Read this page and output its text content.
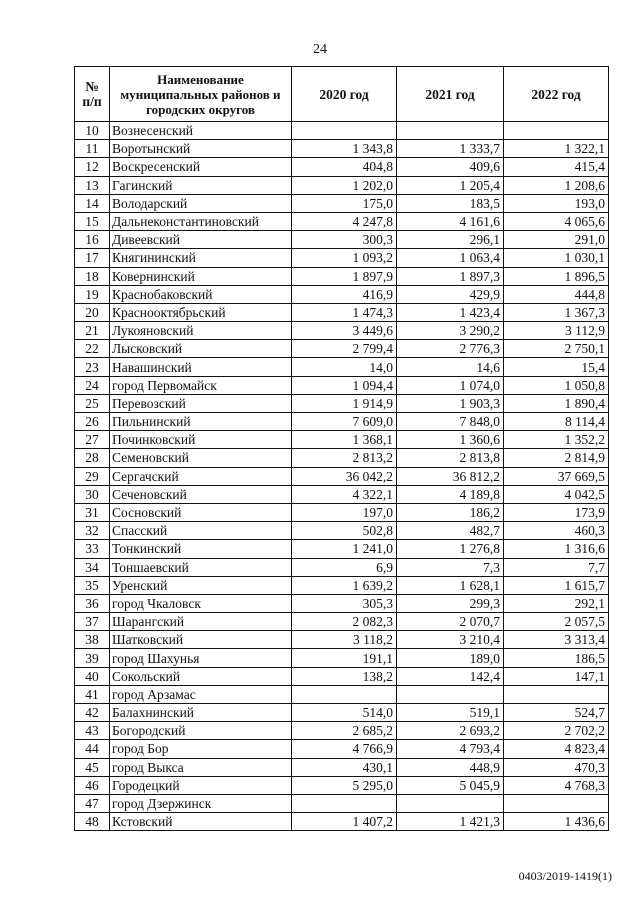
24
№ п/п	Наименование муниципальных районов и городских округов	2020 год	2021 год	2022 год
10	Вознесенский			
11	Воротынский	1 343,8	1 333,7	1 322,1
12	Воскресенский	404,8	409,6	415,4
13	Гагинский	1 202,0	1 205,4	1 208,6
14	Володарский	175,0	183,5	193,0
15	Дальнеконстантиновский	4 247,8	4 161,6	4 065,6
16	Дивеевский	300,3	296,1	291,0
17	Княгининский	1 093,2	1 063,4	1 030,1
18	Ковернинский	1 897,9	1 897,3	1 896,5
19	Краснобаковский	416,9	429,9	444,8
20	Краснооктябрьский	1 474,3	1 423,4	1 367,3
21	Лукояновский	3 449,6	3 290,2	3 112,9
22	Лысковский	2 799,4	2 776,3	2 750,1
23	Навашинский	14,0	14,6	15,4
24	город Первомайск	1 094,4	1 074,0	1 050,8
25	Перевозский	1 914,9	1 903,3	1 890,4
26	Пильнинский	7 609,0	7 848,0	8 114,4
27	Починковский	1 368,1	1 360,6	1 352,2
28	Семеновский	2 813,2	2 813,8	2 814,9
29	Сергачский	36 042,2	36 812,2	37 669,5
30	Сеченовский	4 322,1	4 189,8	4 042,5
31	Сосновский	197,0	186,2	173,9
32	Спасский	502,8	482,7	460,3
33	Тонкинский	1 241,0	1 276,8	1 316,6
34	Тоншаевский	6,9	7,3	7,7
35	Уренский	1 639,2	1 628,1	1 615,7
36	город Чкаловск	305,3	299,3	292,1
37	Шарангский	2 082,3	2 070,7	2 057,5
38	Шатковский	3 118,2	3 210,4	3 313,4
39	город Шахунья	191,1	189,0	186,5
40	Сокольский	138,2	142,4	147,1
41	город Арзамас			
42	Балахнинский	514,0	519,1	524,7
43	Богородский	2 685,2	2 693,2	2 702,2
44	город Бор	4 766,9	4 793,4	4 823,4
45	город Выкса	430,1	448,9	470,3
46	Городецкий	5 295,0	5 045,9	4 768,3
47	город Дзержинск			
48	Кстовский	1 407,2	1 421,3	1 436,6
0403/2019-1419(1)
